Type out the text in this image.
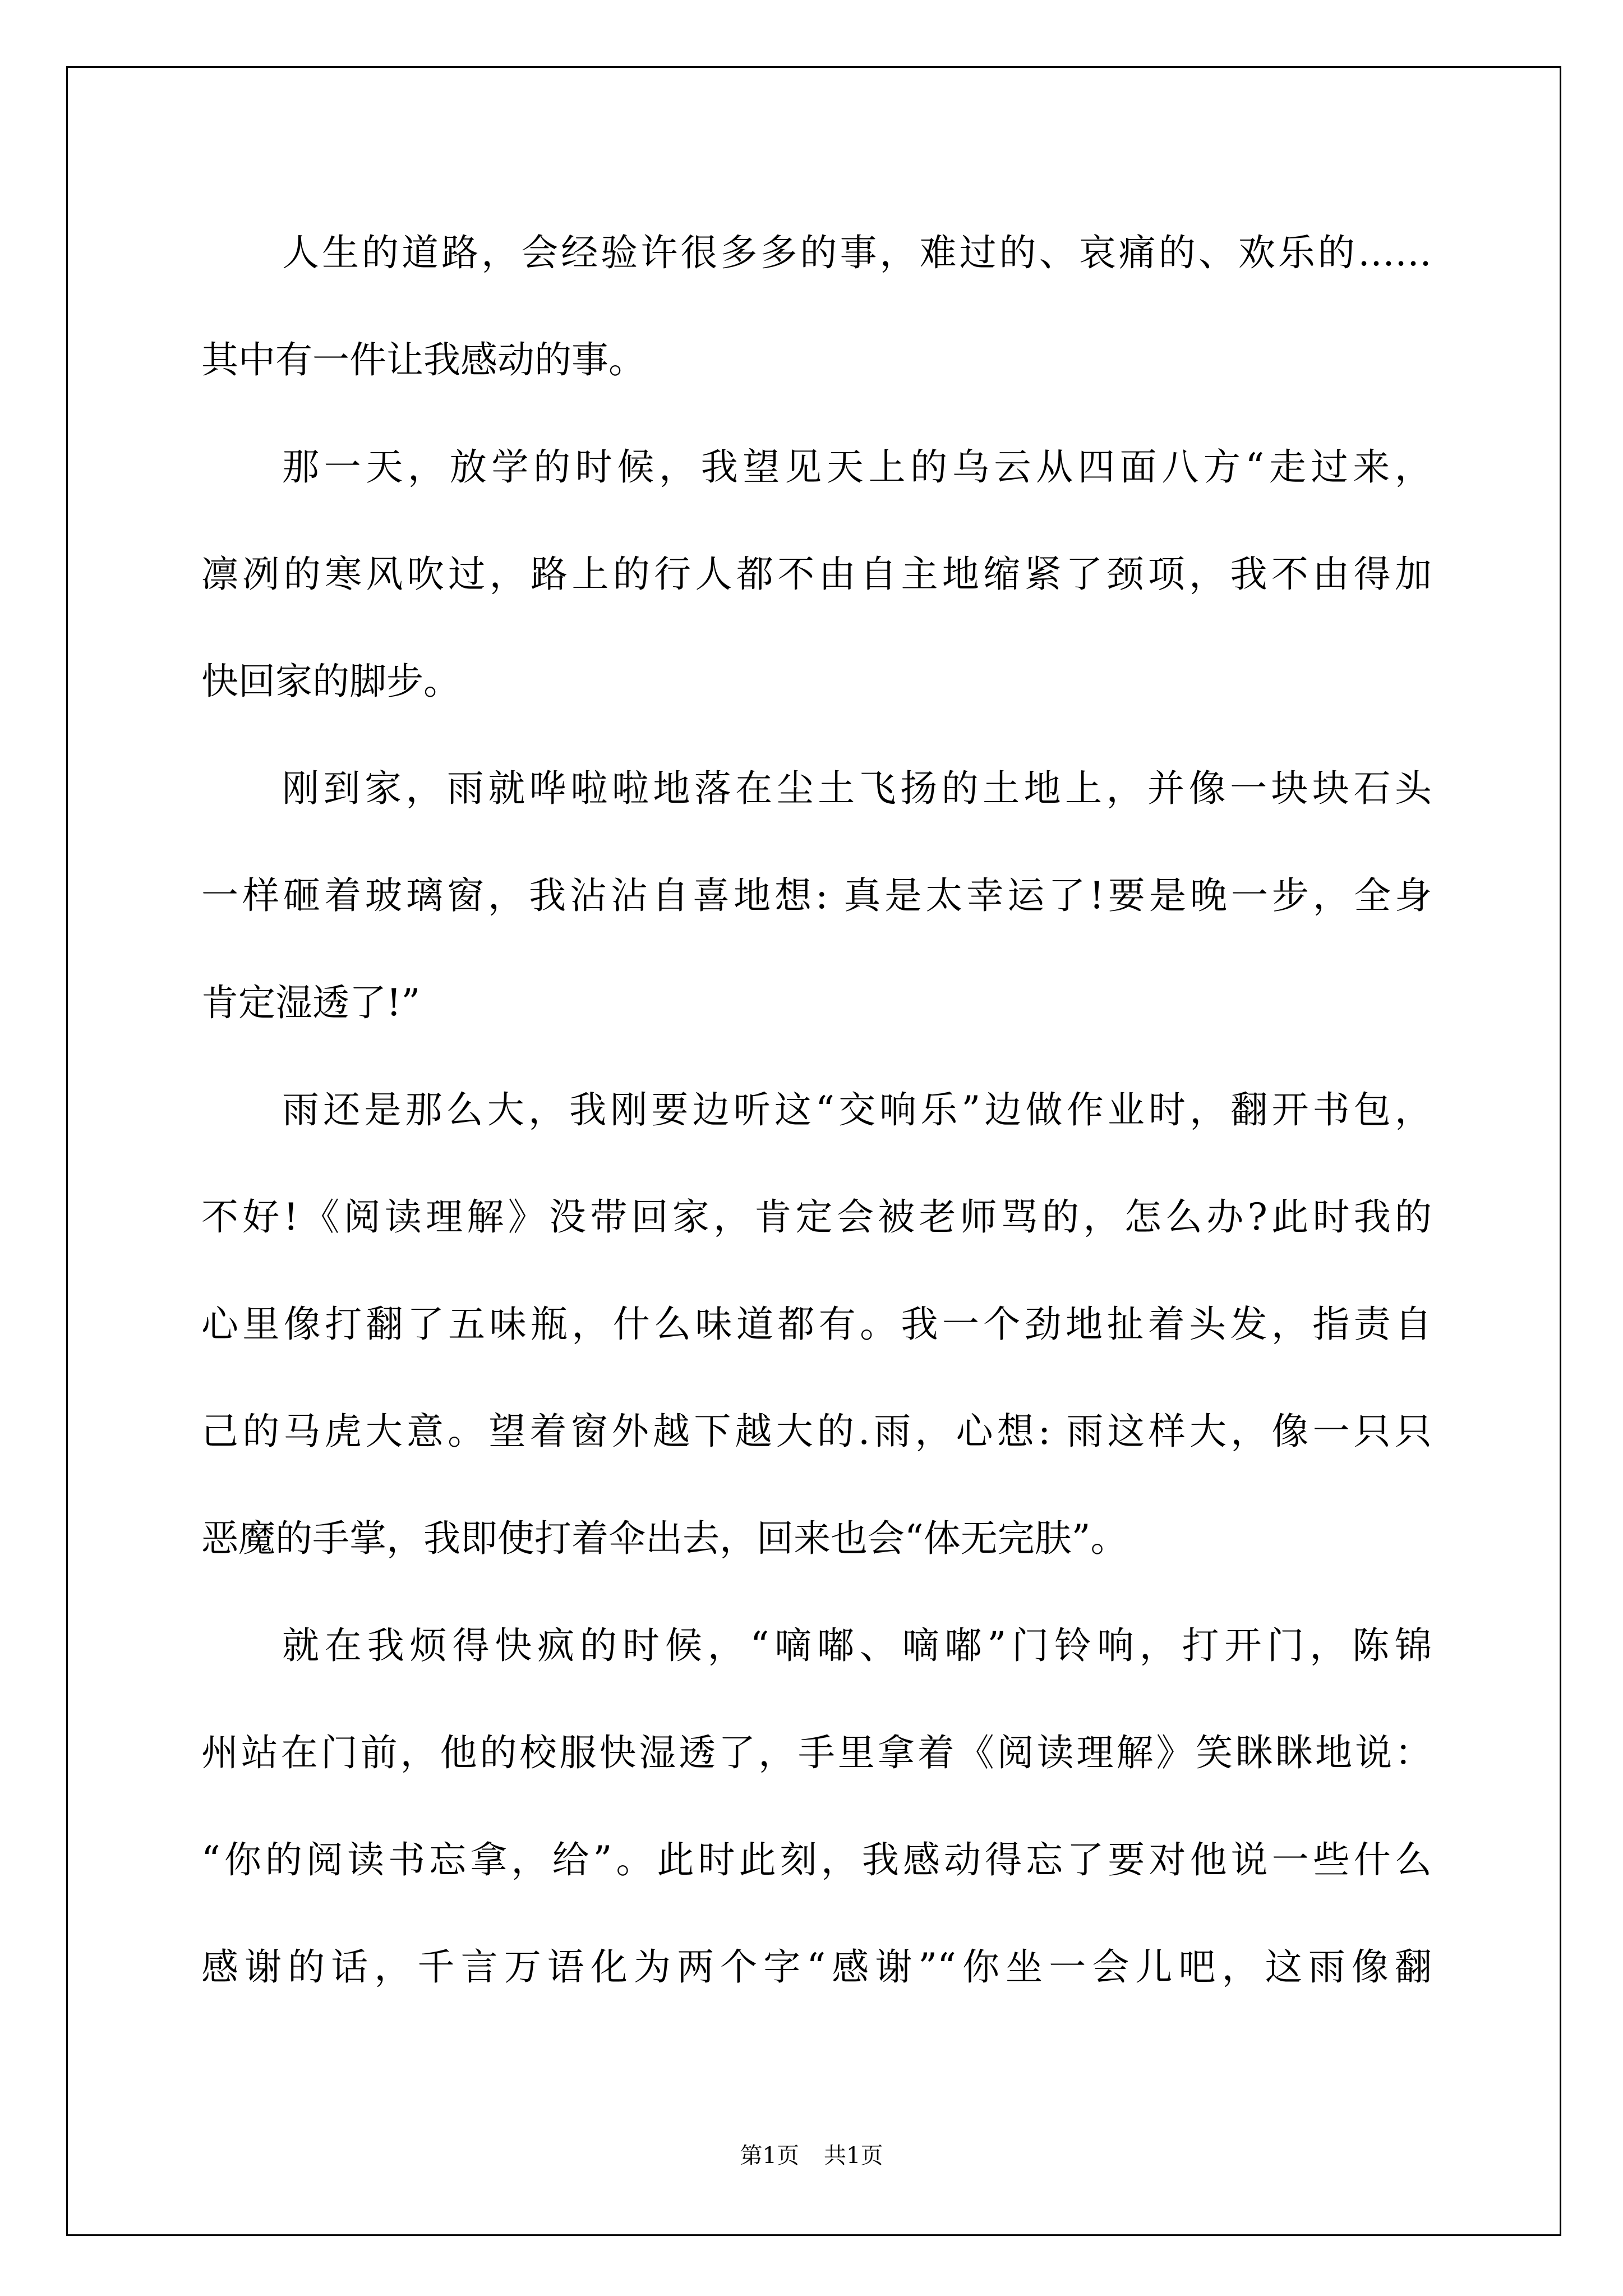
人生的道路，会经验许很多多的事，难过的、哀痛的、欢乐的……
其中有一件让我感动的事。
那一天，放学的时候，我望见天上的乌云从四面八方“走过来，
凛冽的寒风吹过，路上的行人都不由自主地缩紧了颈项，我不由得加
快回家的脚步。
刚到家，雨就哗啦啦地落在尘土飞扬的土地上，并像一块块石头
一样砸着玻璃窗，我沾沾自喜地想: 真是太幸运了!要是晚一步，全身
肯定湿透了!”
雨还是那么大，我刚要边听这“交响乐”边做作业时，翻开书包，
不好!《阅读理解》没带回家，肯定会被老师骂的，怎么办?此时我的
心里像打翻了五味瓶，什么味道都有。我一个劲地扯着头发，指责自
己的马虎大意。望着窗外越下越大的.雨，心想: 雨这样大，像一只只
恶魔的手掌，我即使打着伞出去，回来也会“体无完肤”。
就在我烦得快疯的时候，“嘀嘟、嘀嘟”门铃响，打开门，陈锦
州站在门前，他的校服快湿透了，手里拿着《阅读理解》笑眯眯地说：
“你的阅读书忘拿，给”。此时此刻，我感动得忘了要对他说一些什么
感谢的话，千言万语化为两个字“感谢”“你坐一会儿吧，这雨像翻
第1页 共1页
